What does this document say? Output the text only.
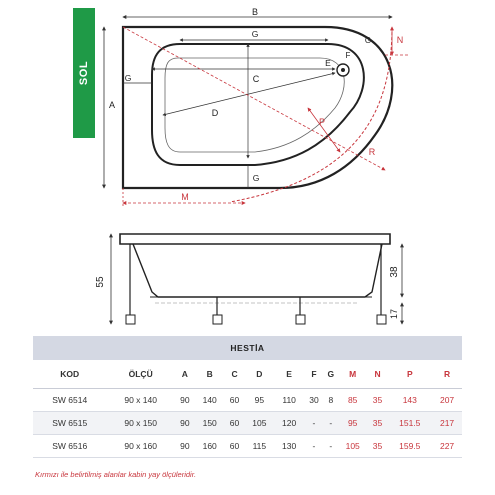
B
G
E
F
G	C
D
G
G
A
R
P
N
M
55
38
17
SOL
HESTİA												
KOD	ÖLÇÜ	A	B	C	D	E	F	G	M	N	P	R
SW 6514	90 x 140	90	140	60	95	110	30	8	85	35	143	207
SW 6515	90 x 150	90	150	60	105	120	-	-	95	35	151.5	217
SW 6516	90 x 160	90	160	60	115	130	-	-	105	35	159.5	227
Kırmızı ile belirtilmiş alanlar kabin yay ölçüleridir.
